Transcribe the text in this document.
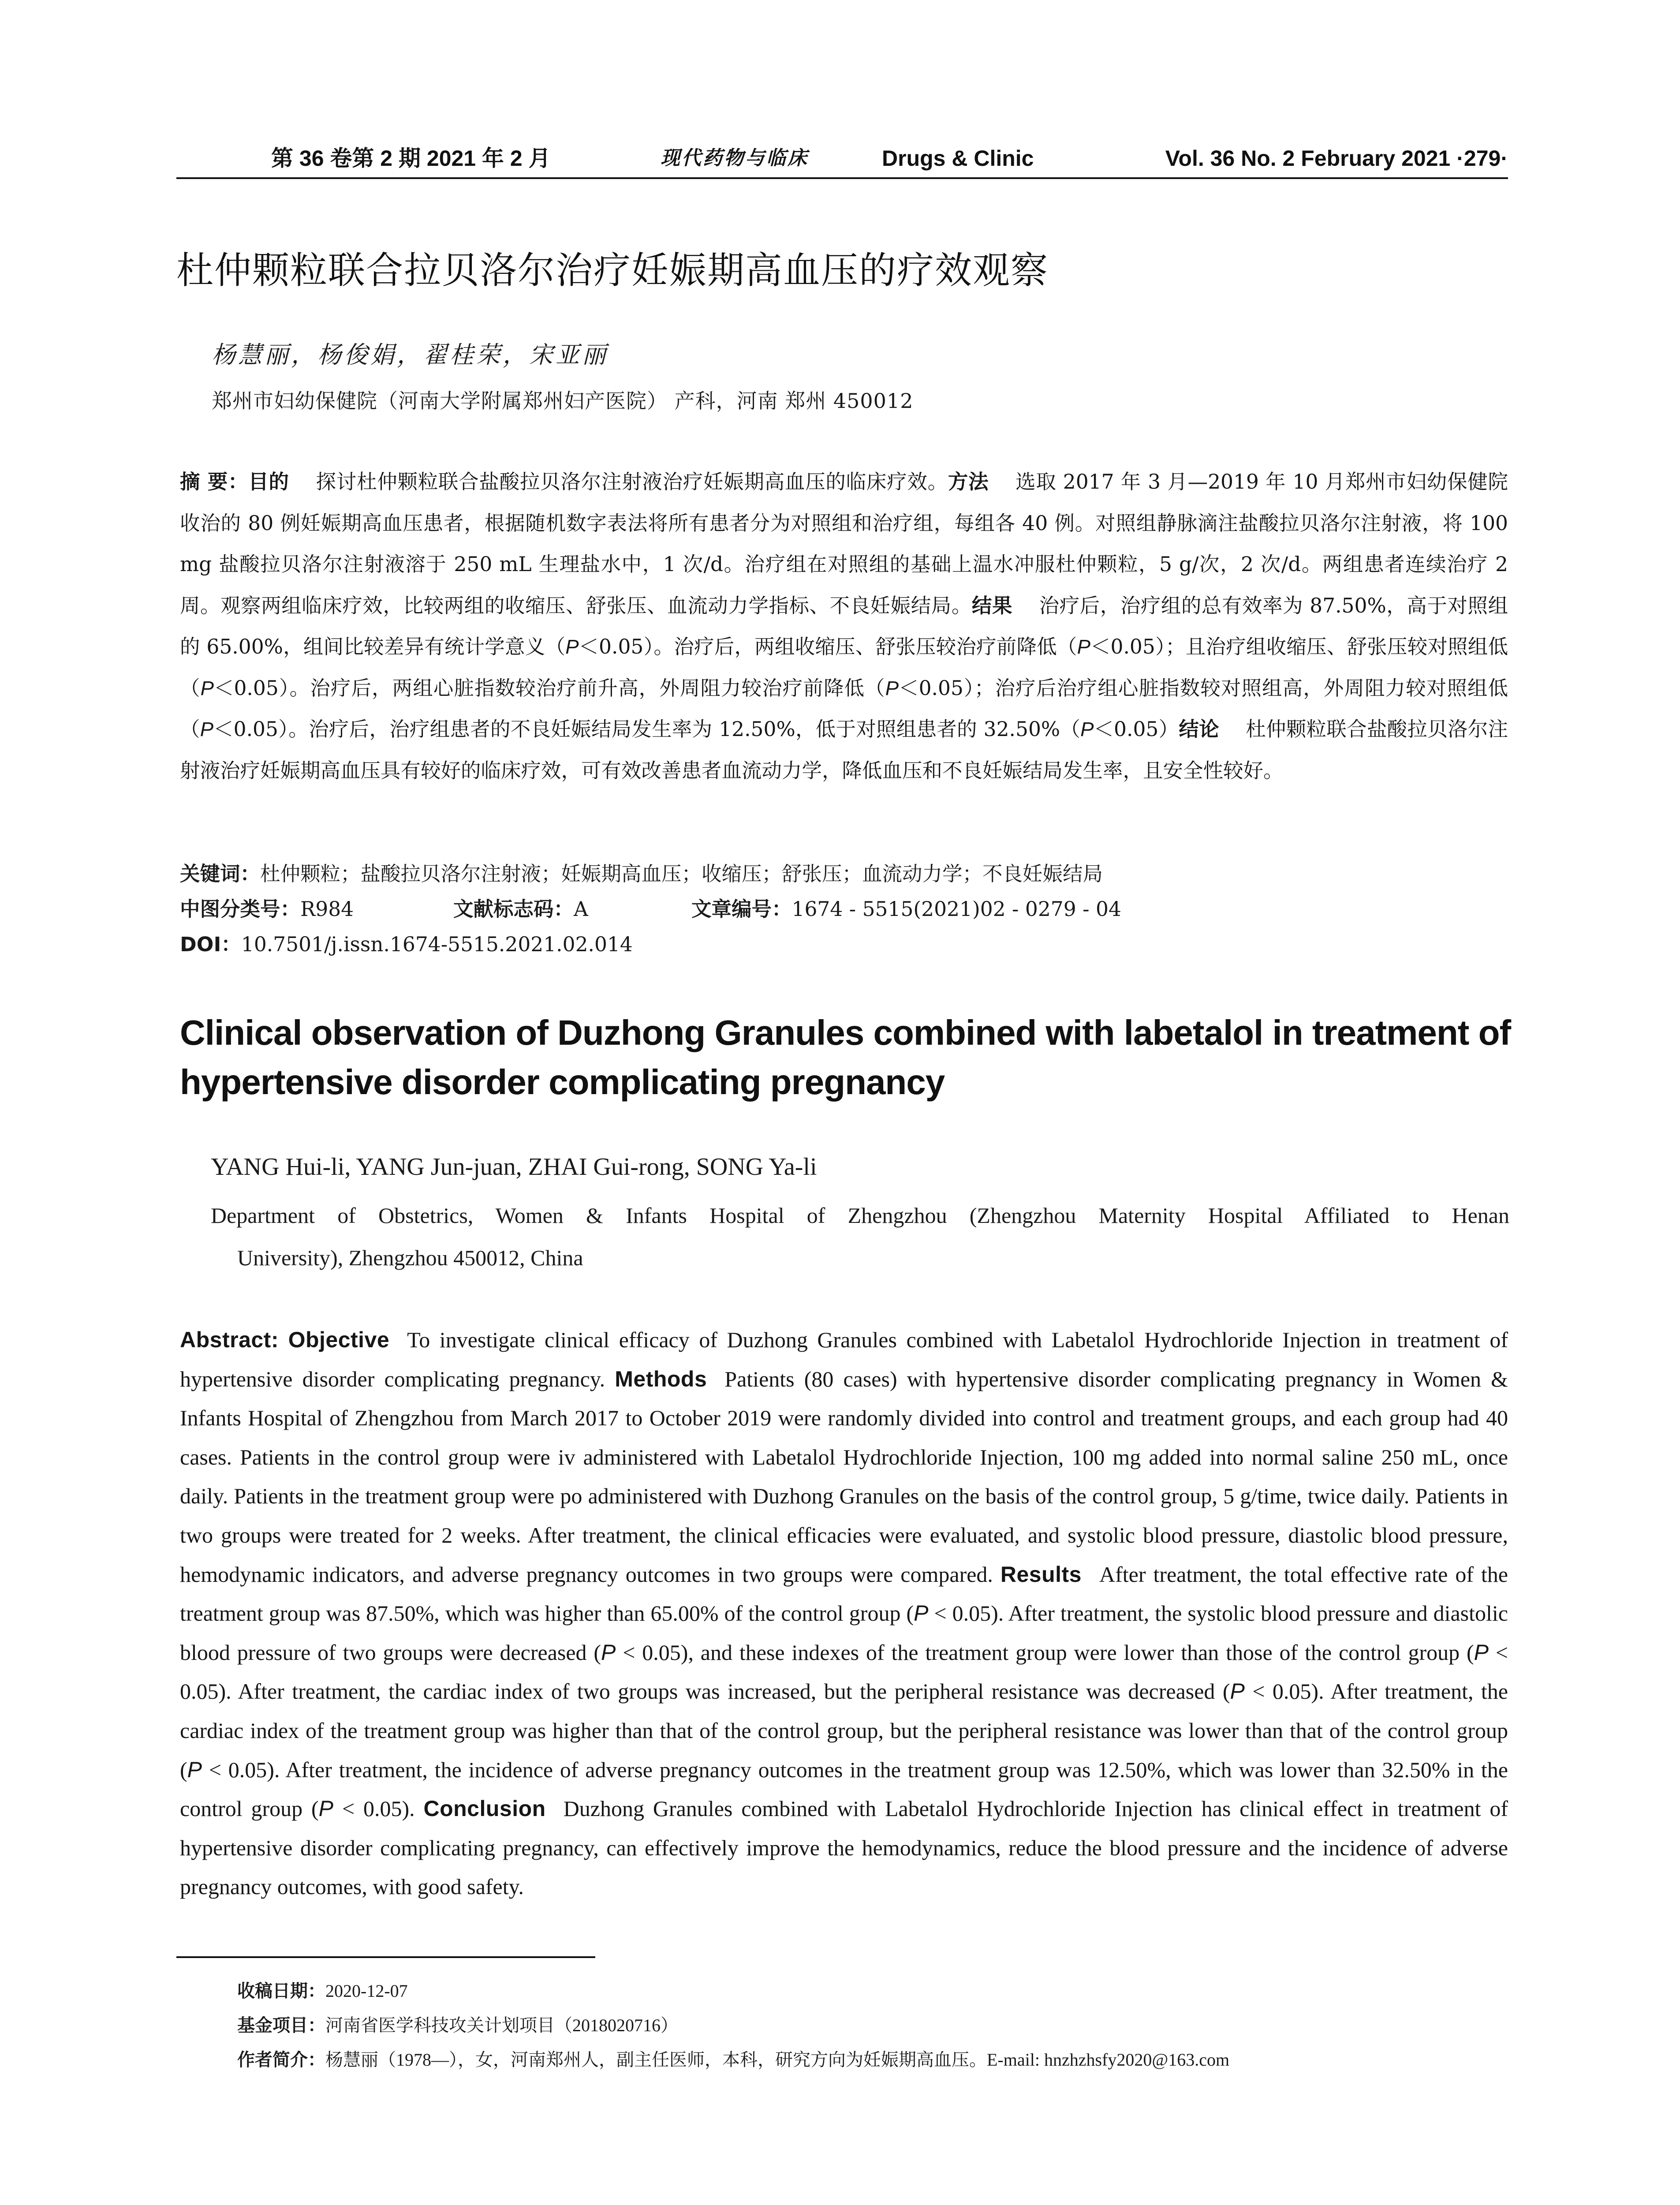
第 36 卷第 2 期 2021 年 2 月	现代药物与临床	Drugs & Clinic	Vol. 36 No. 2 February 2021 ·279·
杜仲颗粒联合拉贝洛尔治疗妊娠期高血压的疗效观察
杨慧丽，杨俊娟，翟桂荣，宋亚丽
郑州市妇幼保健院（河南大学附属郑州妇产医院） 产科，河南 郑州 450012
摘 要：目的 探讨杜仲颗粒联合盐酸拉贝洛尔注射液治疗妊娠期高血压的临床疗效。方法 选取 2017 年 3 月—2019 年 10 月郑州市妇幼保健院收治的 80 例妊娠期高血压患者，根据随机数字表法将所有患者分为对照组和治疗组，每组各 40 例。对照组静脉滴注盐酸拉贝洛尔注射液，将 100 mg 盐酸拉贝洛尔注射液溶于 250 mL 生理盐水中，1 次/d。治疗组在对照组的基础上温水冲服杜仲颗粒，5 g/次，2 次/d。两组患者连续治疗 2 周。观察两组临床疗效，比较两组的收缩压、舒张压、血流动力学指标、不良妊娠结局。结果 治疗后，治疗组的总有效率为 87.50%，高于对照组的 65.00%，组间比较差异有统计学意义（P＜0.05）。治疗后，两组收缩压、舒张压较治疗前降低（P＜0.05）；且治疗组收缩压、舒张压较对照组低（P＜0.05）。治疗后，两组心脏指数较治疗前升高，外周阻力较治疗前降低（P＜0.05）；治疗后治疗组心脏指数较对照组高，外周阻力较对照组低（P＜0.05）。治疗后，治疗组患者的不良妊娠结局发生率为 12.50%，低于对照组患者的 32.50%（P＜0.05）结论 杜仲颗粒联合盐酸拉贝洛尔注射液治疗妊娠期高血压具有较好的临床疗效，可有效改善患者血流动力学，降低血压和不良妊娠结局发生率，且安全性较好。
关键词：杜仲颗粒；盐酸拉贝洛尔注射液；妊娠期高血压；收缩压；舒张压；血流动力学；不良妊娠结局
中图分类号：R984	文献标志码：A	文章编号：1674 - 5515(2021)02 - 0279 - 04
DOI：10.7501/j.issn.1674-5515.2021.02.014
Clinical observation of Duzhong Granules combined with labetalol in treatment of hypertensive disorder complicating pregnancy
YANG Hui-li, YANG Jun-juan, ZHAI Gui-rong, SONG Ya-li
Department of Obstetrics, Women & Infants Hospital of Zhengzhou (Zhengzhou Maternity Hospital Affiliated to Henan
University), Zhengzhou 450012, China
Abstract: Objective To investigate clinical efficacy of Duzhong Granules combined with Labetalol Hydrochloride Injection in treatment of hypertensive disorder complicating pregnancy. Methods Patients (80 cases) with hypertensive disorder complicating pregnancy in Women & Infants Hospital of Zhengzhou from March 2017 to October 2019 were randomly divided into control and treatment groups, and each group had 40 cases. Patients in the control group were iv administered with Labetalol Hydrochloride Injection, 100 mg added into normal saline 250 mL, once daily. Patients in the treatment group were po administered with Duzhong Granules on the basis of the control group, 5 g/time, twice daily. Patients in two groups were treated for 2 weeks. After treatment, the clinical efficacies were evaluated, and systolic blood pressure, diastolic blood pressure, hemodynamic indicators, and adverse pregnancy outcomes in two groups were compared. Results After treatment, the total effective rate of the treatment group was 87.50%, which was higher than 65.00% of the control group (P < 0.05). After treatment, the systolic blood pressure and diastolic blood pressure of two groups were decreased (P < 0.05), and these indexes of the treatment group were lower than those of the control group (P < 0.05). After treatment, the cardiac index of two groups was increased, but the peripheral resistance was decreased (P < 0.05). After treatment, the cardiac index of the treatment group was higher than that of the control group, but the peripheral resistance was lower than that of the control group (P < 0.05). After treatment, the incidence of adverse pregnancy outcomes in the treatment group was 12.50%, which was lower than 32.50% in the control group (P < 0.05). Conclusion Duzhong Granules combined with Labetalol Hydrochloride Injection has clinical effect in treatment of hypertensive disorder complicating pregnancy, can effectively improve the hemodynamics, reduce the blood pressure and the incidence of adverse pregnancy outcomes, with good safety.
收稿日期：2020-12-07
基金项目：河南省医学科技攻关计划项目（2018020716）
作者简介：杨慧丽（1978—），女，河南郑州人，副主任医师，本科，研究方向为妊娠期高血压。E-mail: hnzhzhsfy2020@163.com
